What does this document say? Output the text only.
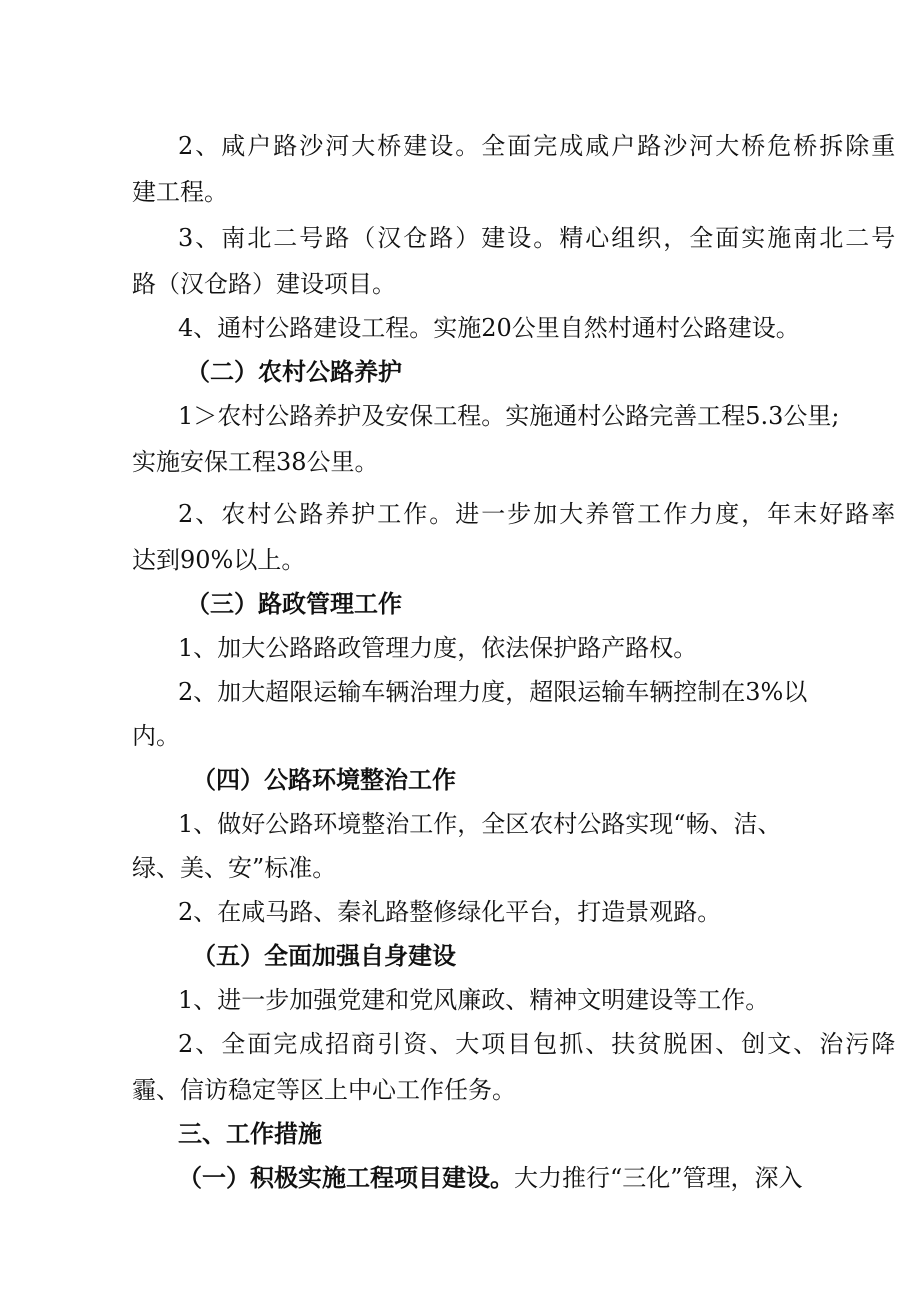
2、咸户路沙河大桥建设。全面完成咸户路沙河大桥危桥拆除重

建工程。

3、南北二号路（汉仓路）建设。精心组织，全面实施南北二号

路（汉仓路）建设项目。

4、通村公路建设工程。实施20公里自然村通村公路建设。

（二）农村公路养护

1＞农村公路养护及安保工程。实施通村公路完善工程5.3公里;

实施安保工程38公里。

2、农村公路养护工作。进一步加大养管工作力度，年末好路率

达到90%以上。

（三）路政管理工作

1、加大公路路政管理力度，依法保护路产路权。

2、加大超限运输车辆治理力度，超限运输车辆控制在3%以

内。

（四）公路环境整治工作

1、做好公路环境整治工作，全区农村公路实现“畅、洁、

绿、美、安”标准。

2、在咸马路、秦礼路整修绿化平台，打造景观路。

（五）全面加强自身建设

1、进一步加强党建和党风廉政、精神文明建设等工作。

2、全面完成招商引资、大项目包抓、扶贫脱困、创文、治污降

霾、信访稳定等区上中心工作任务。

三、工作措施

（一）积极实施工程项目建设。大力推行“三化”管理，深入
